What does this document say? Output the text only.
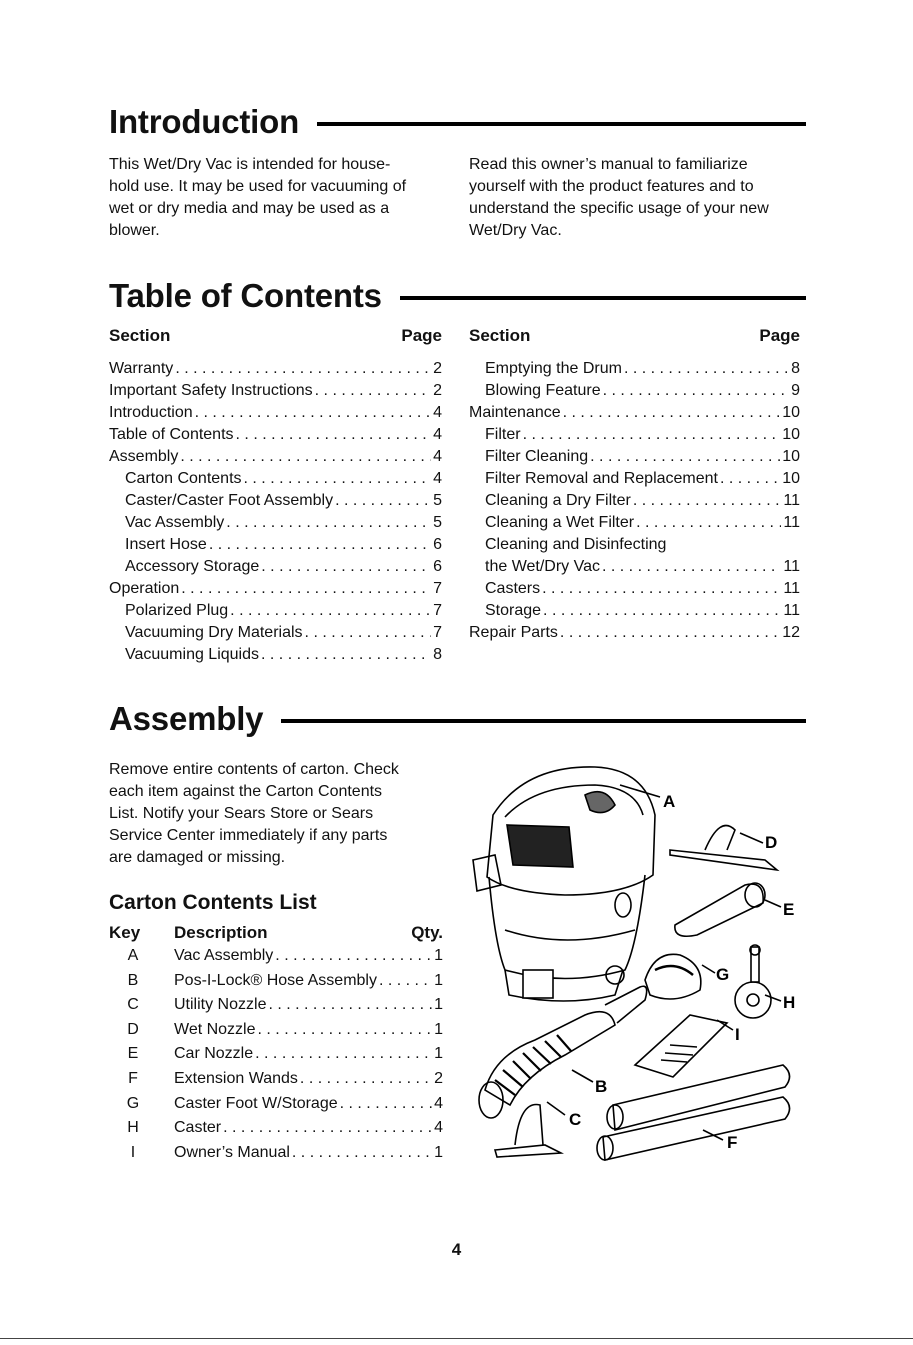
Introduction

This Wet/Dry Vac is intended for house-
hold use. It may be used for vacuuming of
wet or dry media and may be used as a
blower.

Read this owner’s manual to familiarize
yourself with the product features and to
understand the specific usage of your new
Wet/Dry Vac.

Table of Contents
Section	Page
Warranty . . .	2
Important Safety Instructions . . .	2
Introduction . . .	4
Table of Contents . . .	4
Assembly . . .	4
Carton Contents . . .	4
Caster/Caster Foot Assembly . . .	5
Vac Assembly . . .	5
Insert Hose . . .	6
Accessory Storage . . .	6
Operation . . .	7
Polarized Plug . . .	7
Vacuuming Dry Materials . . .	7
Vacuuming Liquids . . .	8
Section	Page
Emptying the Drum . . .	8
Blowing Feature . . .	9
Maintenance . . .	10
Filter . . .	10
Filter Cleaning . . .	10
Filter Removal and Replacement . . .	10
Cleaning a Dry Filter . . .	11
Cleaning a Wet Filter . . .	11
Cleaning and Disinfecting
the Wet/Dry Vac . . .	11
Casters . . .	11
Storage . . .	11
Repair Parts . . .	12
Assembly

Remove entire contents of carton. Check
each item against the Carton Contents
List. Notify your Sears Store or Sears
Service Center immediately if any parts
are damaged or missing.

Carton Contents List
Key	Description	Qty.
A	Vac Assembly . . .	1
B	Pos-I-Lock® Hose Assembly . . .	1
C	Utility Nozzle . . .	1
D	Wet Nozzle . . .	1
E	Car Nozzle . . .	1
F	Extension Wands . . .	2
G	Caster Foot W/Storage . . .	4
H	Caster . . .	4
I	Owner’s Manual . . .	1
A
D
E
G
H
I
B
C
F
4
